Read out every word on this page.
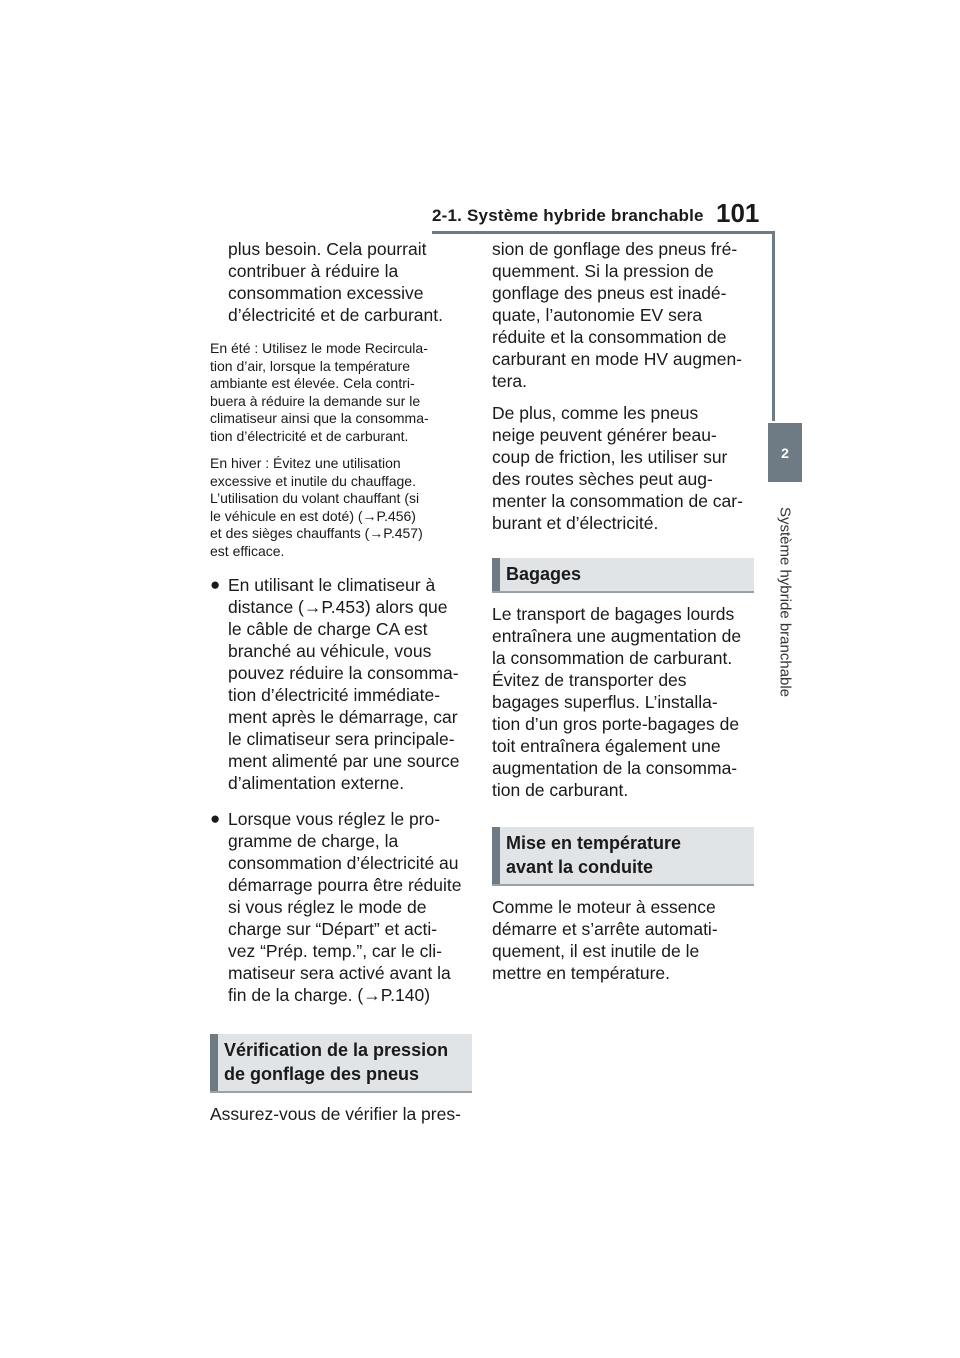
2-1. Système hybride branchable 101
2
Système hybride branchable
plus besoin. Cela pourrait
contribuer à réduire la
consommation excessive
d’électricité et de carburant.
En été : Utilisez le mode Recircula-
tion d’air, lorsque la température
ambiante est élevée. Cela contri-
buera à réduire la demande sur le
climatiseur ainsi que la consomma-
tion d’électricité et de carburant.
En hiver : Évitez une utilisation
excessive et inutile du chauffage.
L’utilisation du volant chauffant (si
le véhicule en est doté) (→P.456)
et des sièges chauffants (→P.457)
est efficace.
● En utilisant le climatiseur à
distance (→P.453) alors que
le câble de charge CA est
branché au véhicule, vous
pouvez réduire la consomma-
tion d’électricité immédiate-
ment après le démarrage, car
le climatiseur sera principale-
ment alimenté par une source
d’alimentation externe.
● Lorsque vous réglez le pro-
gramme de charge, la
consommation d’électricité au
démarrage pourra être réduite
si vous réglez le mode de
charge sur “Départ” et acti-
vez “Prép. temp.”, car le cli-
matiseur sera activé avant la
fin de la charge. (→P.140)
Vérification de la pression
de gonflage des pneus
Assurez-vous de vérifier la pres-
sion de gonflage des pneus fré-
quemment. Si la pression de
gonflage des pneus est inadé-
quate, l’autonomie EV sera
réduite et la consommation de
carburant en mode HV augmen-
tera.
De plus, comme les pneus
neige peuvent générer beau-
coup de friction, les utiliser sur
des routes sèches peut aug-
menter la consommation de car-
burant et d’électricité.
Bagages
Le transport de bagages lourds
entraînera une augmentation de
la consommation de carburant.
Évitez de transporter des
bagages superflus. L’installa-
tion d’un gros porte-bagages de
toit entraînera également une
augmentation de la consomma-
tion de carburant.
Mise en température
avant la conduite
Comme le moteur à essence
démarre et s’arrête automati-
quement, il est inutile de le
mettre en température.
